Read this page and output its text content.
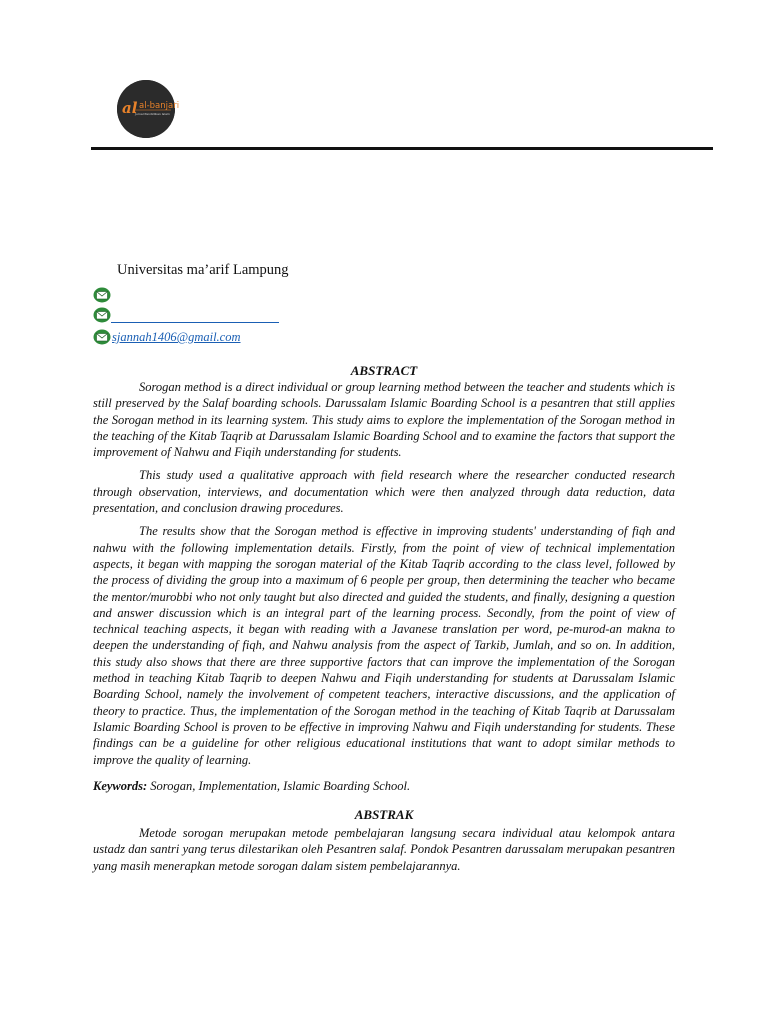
al al-banjari
Jurnal Pendidikan Islam
Universitas ma’arif Lampung
sjannah1406@gmail.com
ABSTRACT

Sorogan method is a direct individual or group learning method between the teacher and students which is still preserved by the Salaf boarding schools. Darussalam Islamic Boarding School is a pesantren that still applies the Sorogan method in its learning system. This study aims to explore the implementation of the Sorogan method in the teaching of the Kitab Taqrib at Darussalam Islamic Boarding School and to examine the factors that support the improvement of Nahwu and Fiqih understanding for students.

This study used a qualitative approach with field research where the researcher conducted research through observation, interviews, and documentation which were then analyzed through data reduction, data presentation, and conclusion drawing procedures.

The results show that the Sorogan method is effective in improving students' understanding of fiqh and nahwu with the following implementation details. Firstly, from the point of view of technical implementation aspects, it began with mapping the sorogan material of the Kitab Taqrib according to the class level, followed by the process of dividing the group into a maximum of 6 people per group, then determining the teacher who became the mentor/murobbi who not only taught but also directed and guided the students, and finally, designing a question and answer discussion which is an integral part of the learning process. Secondly, from the point of view of technical teaching aspects, it began with reading with a Javanese translation per word, pe-murod-an makna to deepen the understanding of fiqh, and Nahwu analysis from the aspect of Tarkib, Jumlah, and so on. In addition, this study also shows that there are three supportive factors that can improve the implementation of the Sorogan method in teaching Kitab Taqrib to deepen Nahwu and Fiqih understanding for students at Darussalam Islamic Boarding School, namely the involvement of competent teachers, interactive discussions, and the application of theory to practice. Thus, the implementation of the Sorogan method in the teaching of Kitab Taqrib at Darussalam Islamic Boarding School is proven to be effective in improving Nahwu and Fiqih understanding for students. These findings can be a guideline for other religious educational institutions that want to adopt similar methods to improve the quality of learning.

Keywords: Sorogan, Implementation, Islamic Boarding School.
ABSTRAK

Metode sorogan merupakan metode pembelajaran langsung secara individual atau kelompok antara ustadz dan santri yang terus dilestarikan oleh Pesantren salaf. Pondok Pesantren darussalam merupakan pesantren yang masih menerapkan metode sorogan dalam sistem pembelajarannya.
